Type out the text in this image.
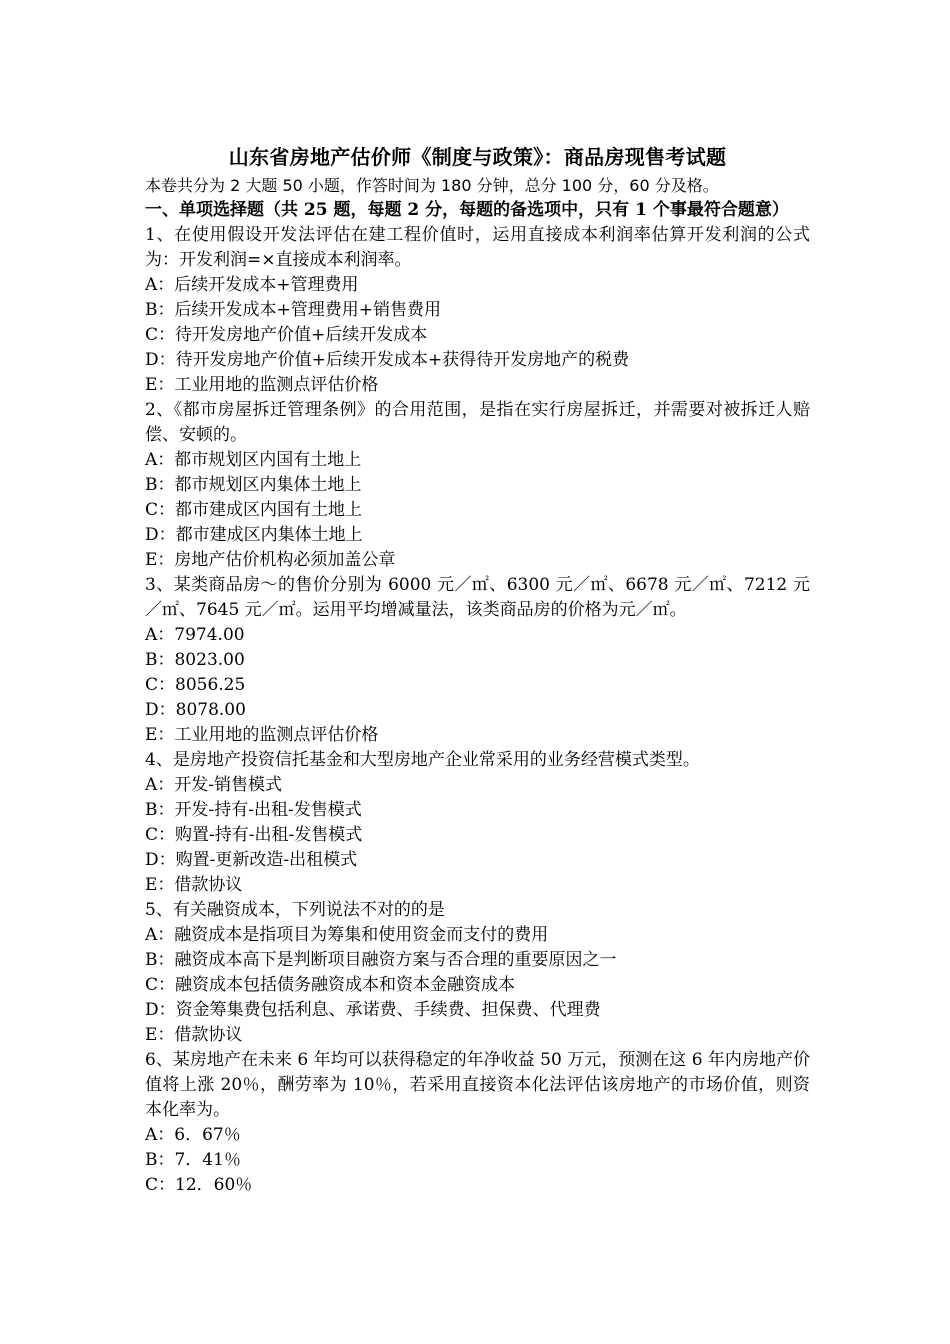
山东省房地产估价师《制度与政策》：商品房现售考试题

本卷共分为 2 大题 50 小题，作答时间为 180 分钟，总分 100 分，60 分及格。

一、单项选择题（共 25 题，每题 2 分，每题的备选项中，只有 1 个事最符合题意）

1、在使用假设开发法评估在建工程价值时，运用直接成本利润率估算开发利润的公式为：开发利润=×直接成本利润率。

A：后续开发成本+管理费用

B：后续开发成本+管理费用+销售费用

C：待开发房地产价值+后续开发成本

D：待开发房地产价值+后续开发成本+获得待开发房地产的税费

E：工业用地的监测点评估价格

2、《都市房屋拆迁管理条例》的合用范围，是指在实行房屋拆迁，并需要对被拆迁人赔偿、安顿的。

A：都市规划区内国有土地上

B：都市规划区内集体土地上

C：都市建成区内国有土地上

D：都市建成区内集体土地上

E：房地产估价机构必须加盖公章

3、某类商品房～的售价分别为 6000 元／㎡、6300 元／㎡、6678 元／㎡、7212 元／㎡、7645 元／㎡。运用平均增减量法，该类商品房的价格为元／㎡。

A：7974.00

B：8023.00

C：8056.25

D：8078.00

E：工业用地的监测点评估价格

4、是房地产投资信托基金和大型房地产企业常采用的业务经营模式类型。

A：开发-销售模式

B：开发-持有-出租-发售模式

C：购置-持有-出租-发售模式

D：购置-更新改造-出租模式

E：借款协议

5、有关融资成本，下列说法不对的的是

A：融资成本是指项目为筹集和使用资金而支付的费用

B：融资成本高下是判断项目融资方案与否合理的重要原因之一

C：融资成本包括债务融资成本和资本金融资成本

D：资金筹集费包括利息、承诺费、手续费、担保费、代理费

E：借款协议

6、某房地产在未来 6 年均可以获得稳定的年净收益 50 万元，预测在这 6 年内房地产价值将上涨 20％，酬劳率为 10％，若采用直接资本化法评估该房地产的市场价值，则资本化率为。

A：6．67％

B：7．41％

C：12．60％
